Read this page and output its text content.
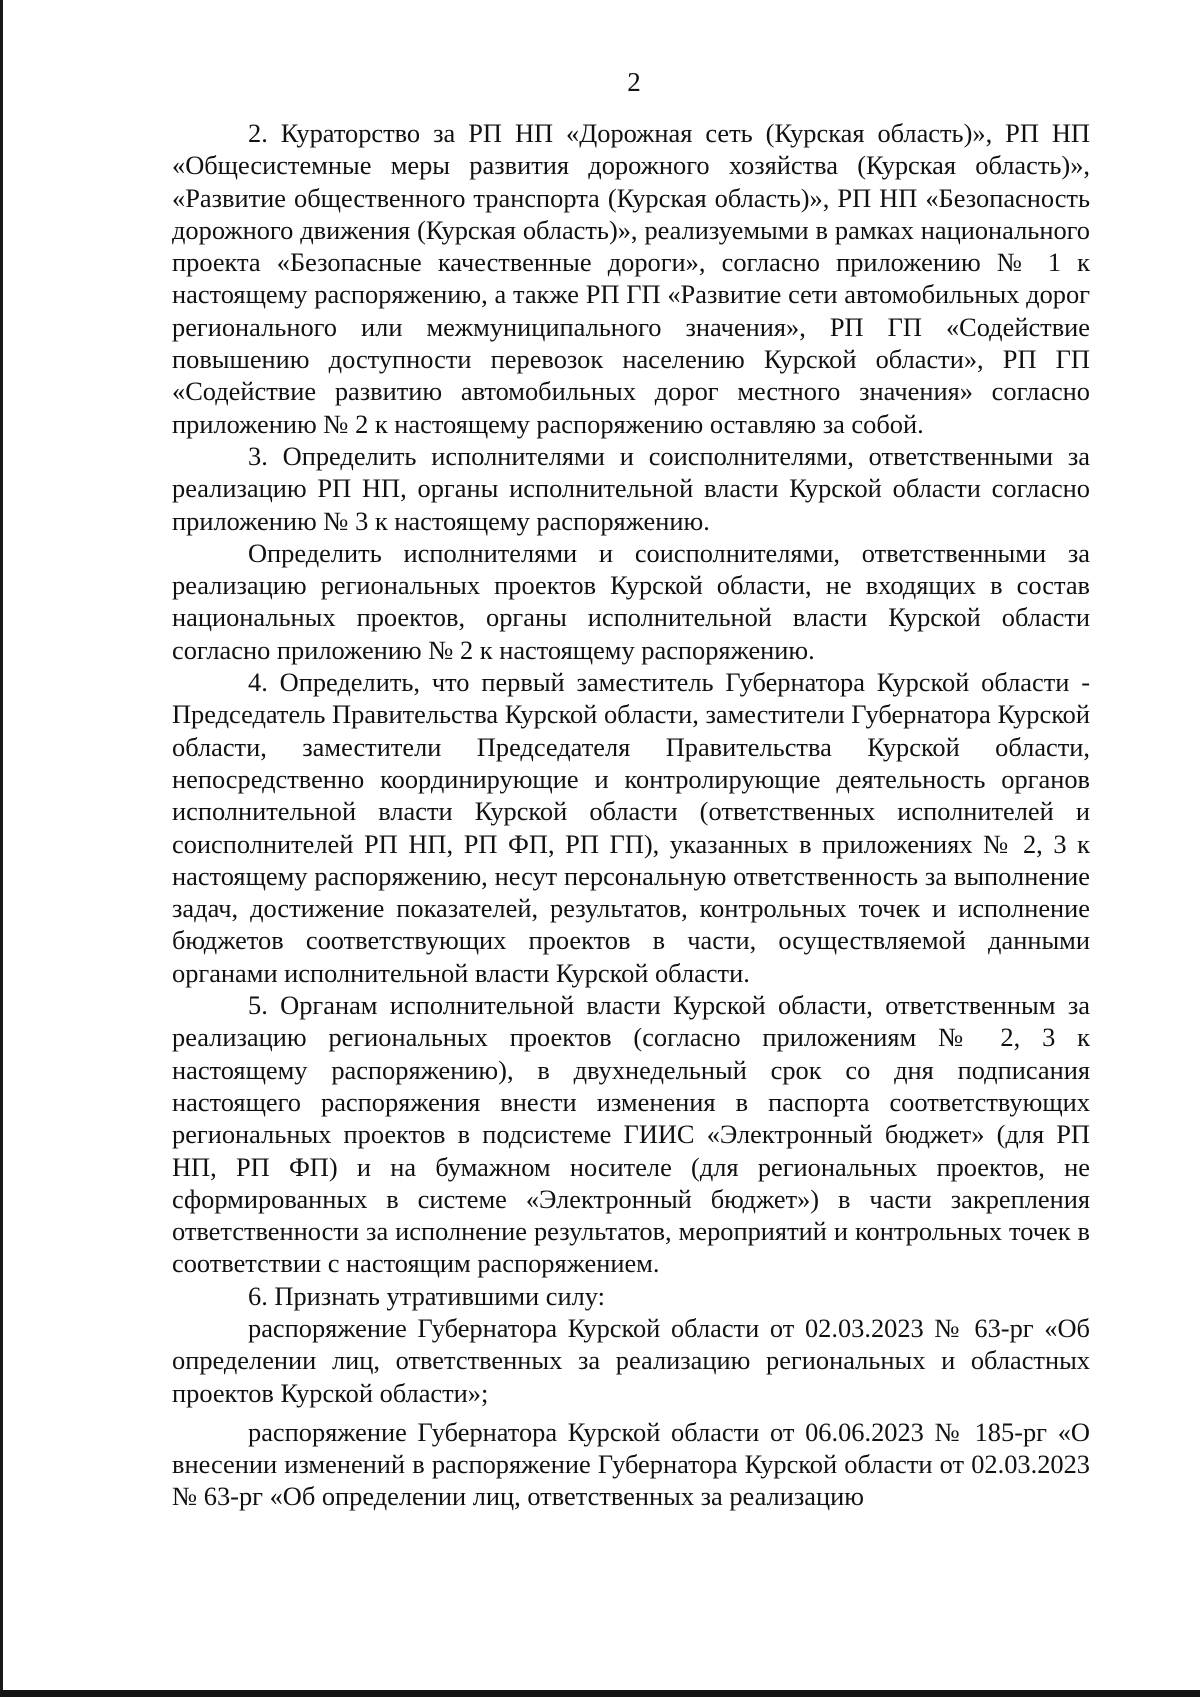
2

2. Кураторство за РП НП «Дорожная сеть (Курская область)», РП НП «Общесистемные меры развития дорожного хозяйства (Курская область)», «Развитие общественного транспорта (Курская область)», РП НП «Безопасность дорожного движения (Курская область)», реализуемыми в рамках национального проекта «Безопасные качественные дороги», согласно приложению № 1 к настоящему распоряжению, а также РП ГП «Развитие сети автомобильных дорог регионального или межмуниципального значения», РП ГП «Содействие повышению доступности перевозок населению Курской области», РП ГП «Содействие развитию автомобильных дорог местного значения» согласно приложению № 2 к настоящему распоряжению оставляю за собой.

3. Определить исполнителями и соисполнителями, ответственными за реализацию РП НП, органы исполнительной власти Курской области согласно приложению № 3 к настоящему распоряжению.

Определить исполнителями и соисполнителями, ответственными за реализацию региональных проектов Курской области, не входящих в состав национальных проектов, органы исполнительной власти Курской области согласно приложению № 2 к настоящему распоряжению.

4. Определить, что первый заместитель Губернатора Курской области - Председатель Правительства Курской области, заместители Губернатора Курской области, заместители Председателя Правительства Курской области, непосредственно координирующие и контролирующие деятельность органов исполнительной власти Курской области (ответственных исполнителей и соисполнителей РП НП, РП ФП, РП ГП), указанных в приложениях № 2, 3 к настоящему распоряжению, несут персональную ответственность за выполнение задач, достижение показателей, результатов, контрольных точек и исполнение бюджетов соответствующих проектов в части, осуществляемой данными органами исполнительной власти Курской области.

5. Органам исполнительной власти Курской области, ответственным за реализацию региональных проектов (согласно приложениям № 2, 3 к настоящему распоряжению), в двухнедельный срок со дня подписания настоящего распоряжения внести изменения в паспорта соответствующих региональных проектов в подсистеме ГИИС «Электронный бюджет» (для РП НП, РП ФП) и на бумажном носителе (для региональных проектов, не сформированных в системе «Электронный бюджет») в части закрепления ответственности за исполнение результатов, мероприятий и контрольных точек в соответствии с настоящим распоряжением.

6. Признать утратившими силу:

распоряжение Губернатора Курской области от 02.03.2023 № 63-рг «Об определении лиц, ответственных за реализацию региональных и областных проектов Курской области»;

распоряжение Губернатора Курской области от 06.06.2023 № 185-рг «О внесении изменений в распоряжение Губернатора Курской области от 02.03.2023 № 63-рг «Об определении лиц, ответственных за реализацию
